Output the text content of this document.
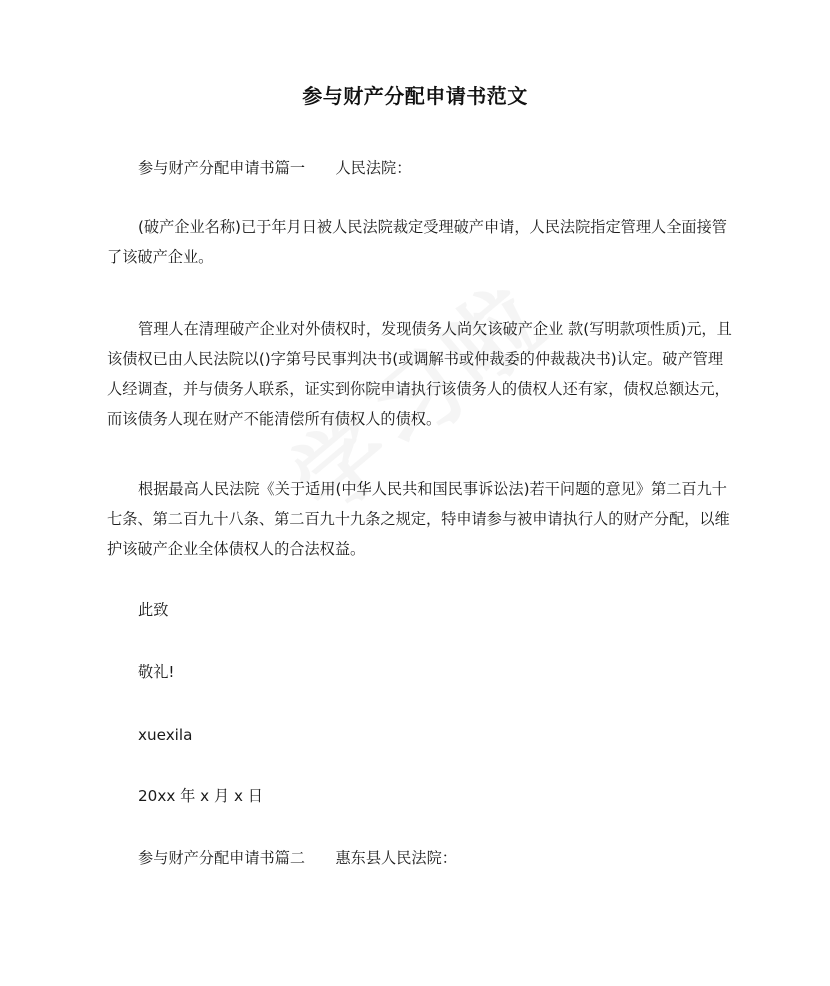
参与财产分配申请书范文
参与财产分配申请书篇一　　人民法院：
(破产企业名称)已于年月日被人民法院裁定受理破产申请，人民法院指定管理人全面接管了该破产企业。
管理人在清理破产企业对外债权时，发现债务人尚欠该破产企业 款(写明款项性质)元，且该债权已由人民法院以()字第号民事判决书(或调解书或仲裁委的仲裁裁决书)认定。破产管理人经调查，并与债务人联系，证实到你院申请执行该债务人的债权人还有家，债权总额达元，而该债务人现在财产不能清偿所有债权人的债权。
根据最高人民法院《关于适用(中华人民共和国民事诉讼法)若干问题的意见》第二百九十七条、第二百九十八条、第二百九十九条之规定，特申请参与被申请执行人的财产分配，以维护该破产企业全体债权人的合法权益。
此致
敬礼!
xuexila
20xx 年 x 月 x 日
参与财产分配申请书篇二　　惠东县人民法院：
